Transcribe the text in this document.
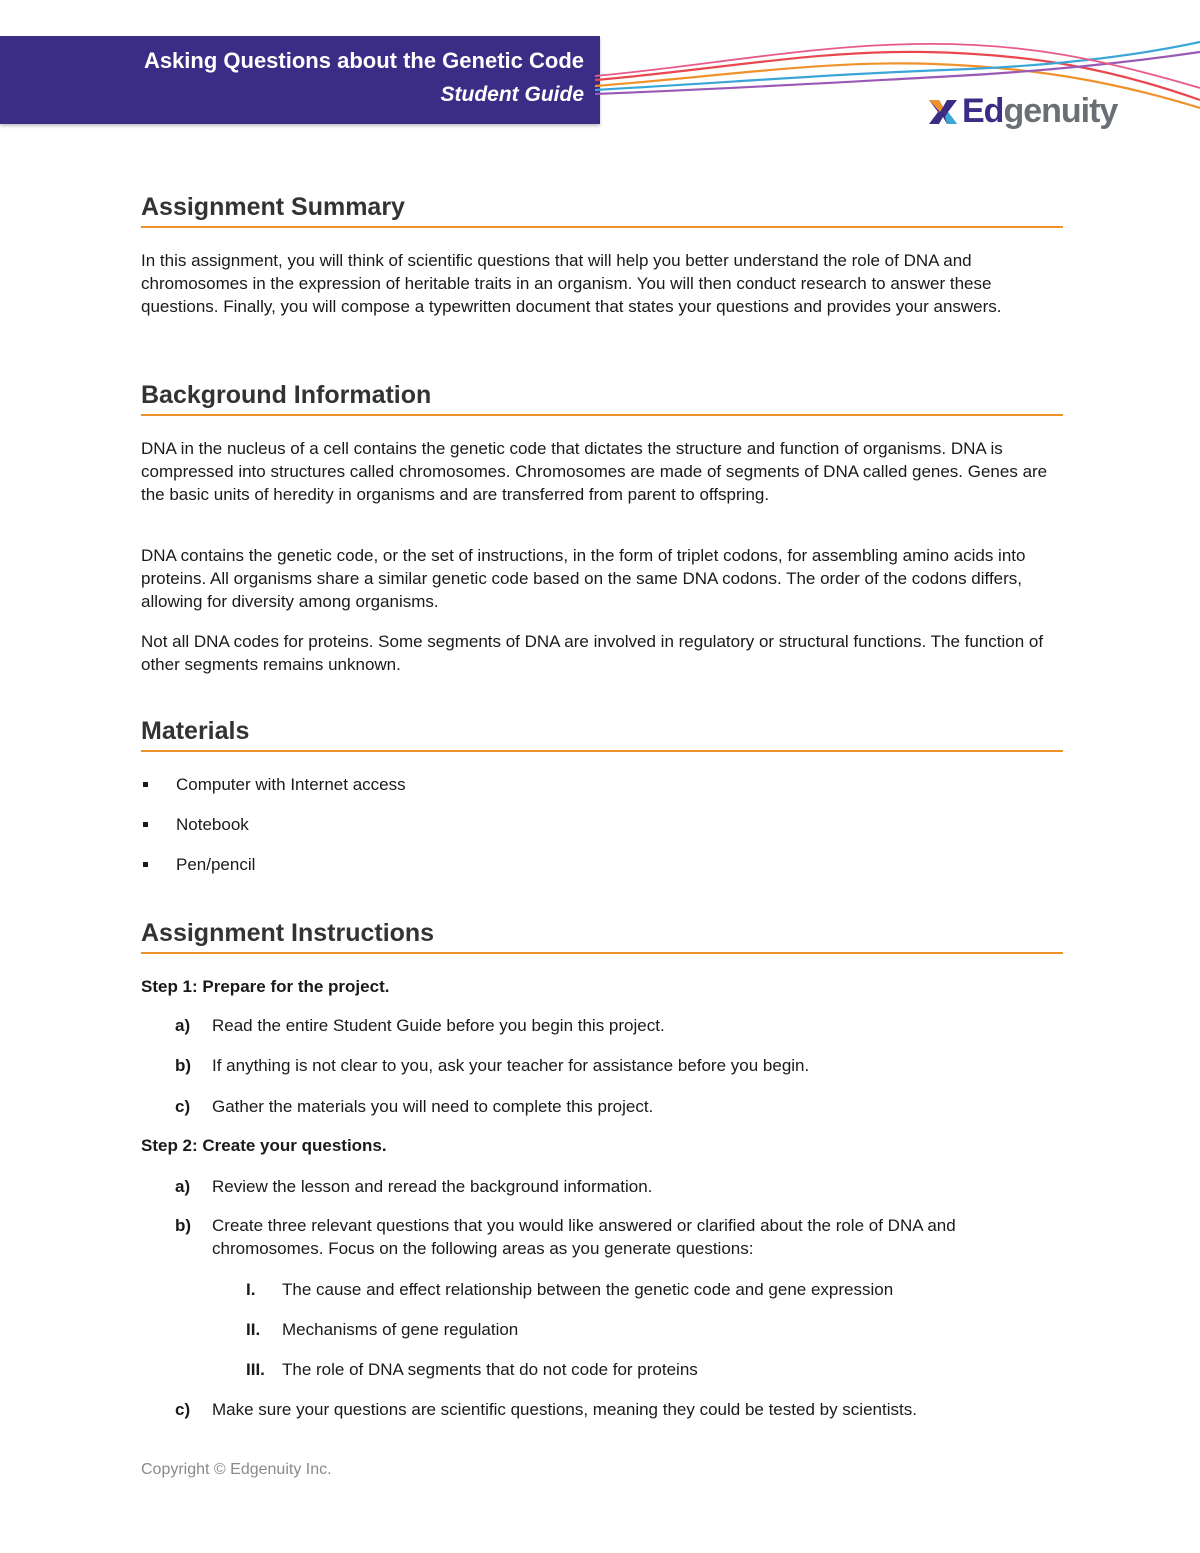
Asking Questions about the Genetic Code
Student Guide	Edgenuity
Assignment Summary

In this assignment, you will think of scientific questions that will help you better understand the role of DNA and chromosomes in the expression of heritable traits in an organism. You will then conduct research to answer these questions. Finally, you will compose a typewritten document that states your questions and provides your answers.

Background Information

DNA in the nucleus of a cell contains the genetic code that dictates the structure and function of organisms. DNA is compressed into structures called chromosomes. Chromosomes are made of segments of DNA called genes. Genes are the basic units of heredity in organisms and are transferred from parent to offspring.

DNA contains the genetic code, or the set of instructions, in the form of triplet codons, for assembling amino acids into proteins. All organisms share a similar genetic code based on the same DNA codons. The order of the codons differs, allowing for diversity among organisms.

Not all DNA codes for proteins. Some segments of DNA are involved in regulatory or structural functions. The function of other segments remains unknown.

Materials
Computer with Internet access
Notebook
Pen/pencil
Assignment Instructions
Step 1: Prepare for the project.
a) Read the entire Student Guide before you begin this project.
b) If anything is not clear to you, ask your teacher for assistance before you begin.
c) Gather the materials you will need to complete this project.
Step 2: Create your questions.
a) Review the lesson and reread the background information.
b) Create three relevant questions that you would like answered or clarified about the role of DNA and chromosomes. Focus on the following areas as you generate questions:
I. The cause and effect relationship between the genetic code and gene expression
II. Mechanisms of gene regulation
III. The role of DNA segments that do not code for proteins
c) Make sure your questions are scientific questions, meaning they could be tested by scientists.
Copyright © Edgenuity Inc.
